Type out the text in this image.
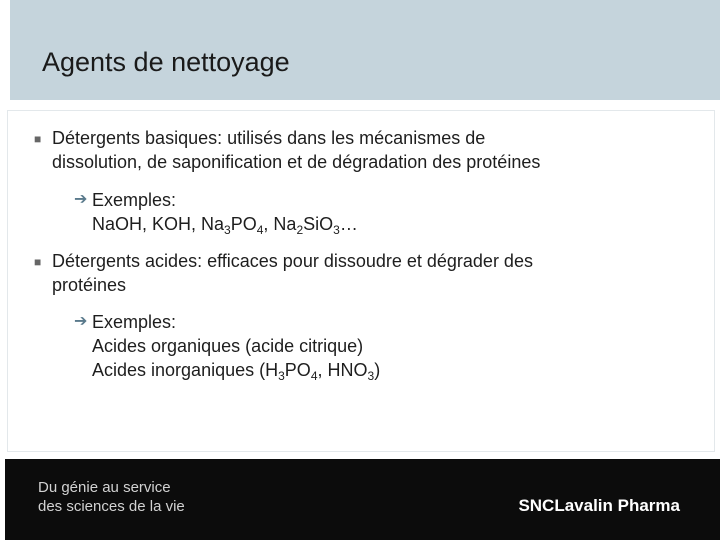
Agents de nettoyage
■ Détergents basiques: utilisés dans les mécanismes de
dissolution, de saponification et de dégradation des protéines
➔ Exemples:
NaOH, KOH, $Na_3PO_4$, $Na_2SiO_3\dots$
■ Détergents acides: efficaces pour dissoudre et dégrader des
protéines
➔ Exemples:
Acides organiques (acide citrique)
Acides inorganiques ($H_3PO_4$, $HNO_3$)
Du génie au service
des sciences de la vie	SNCLavalin Pharma
